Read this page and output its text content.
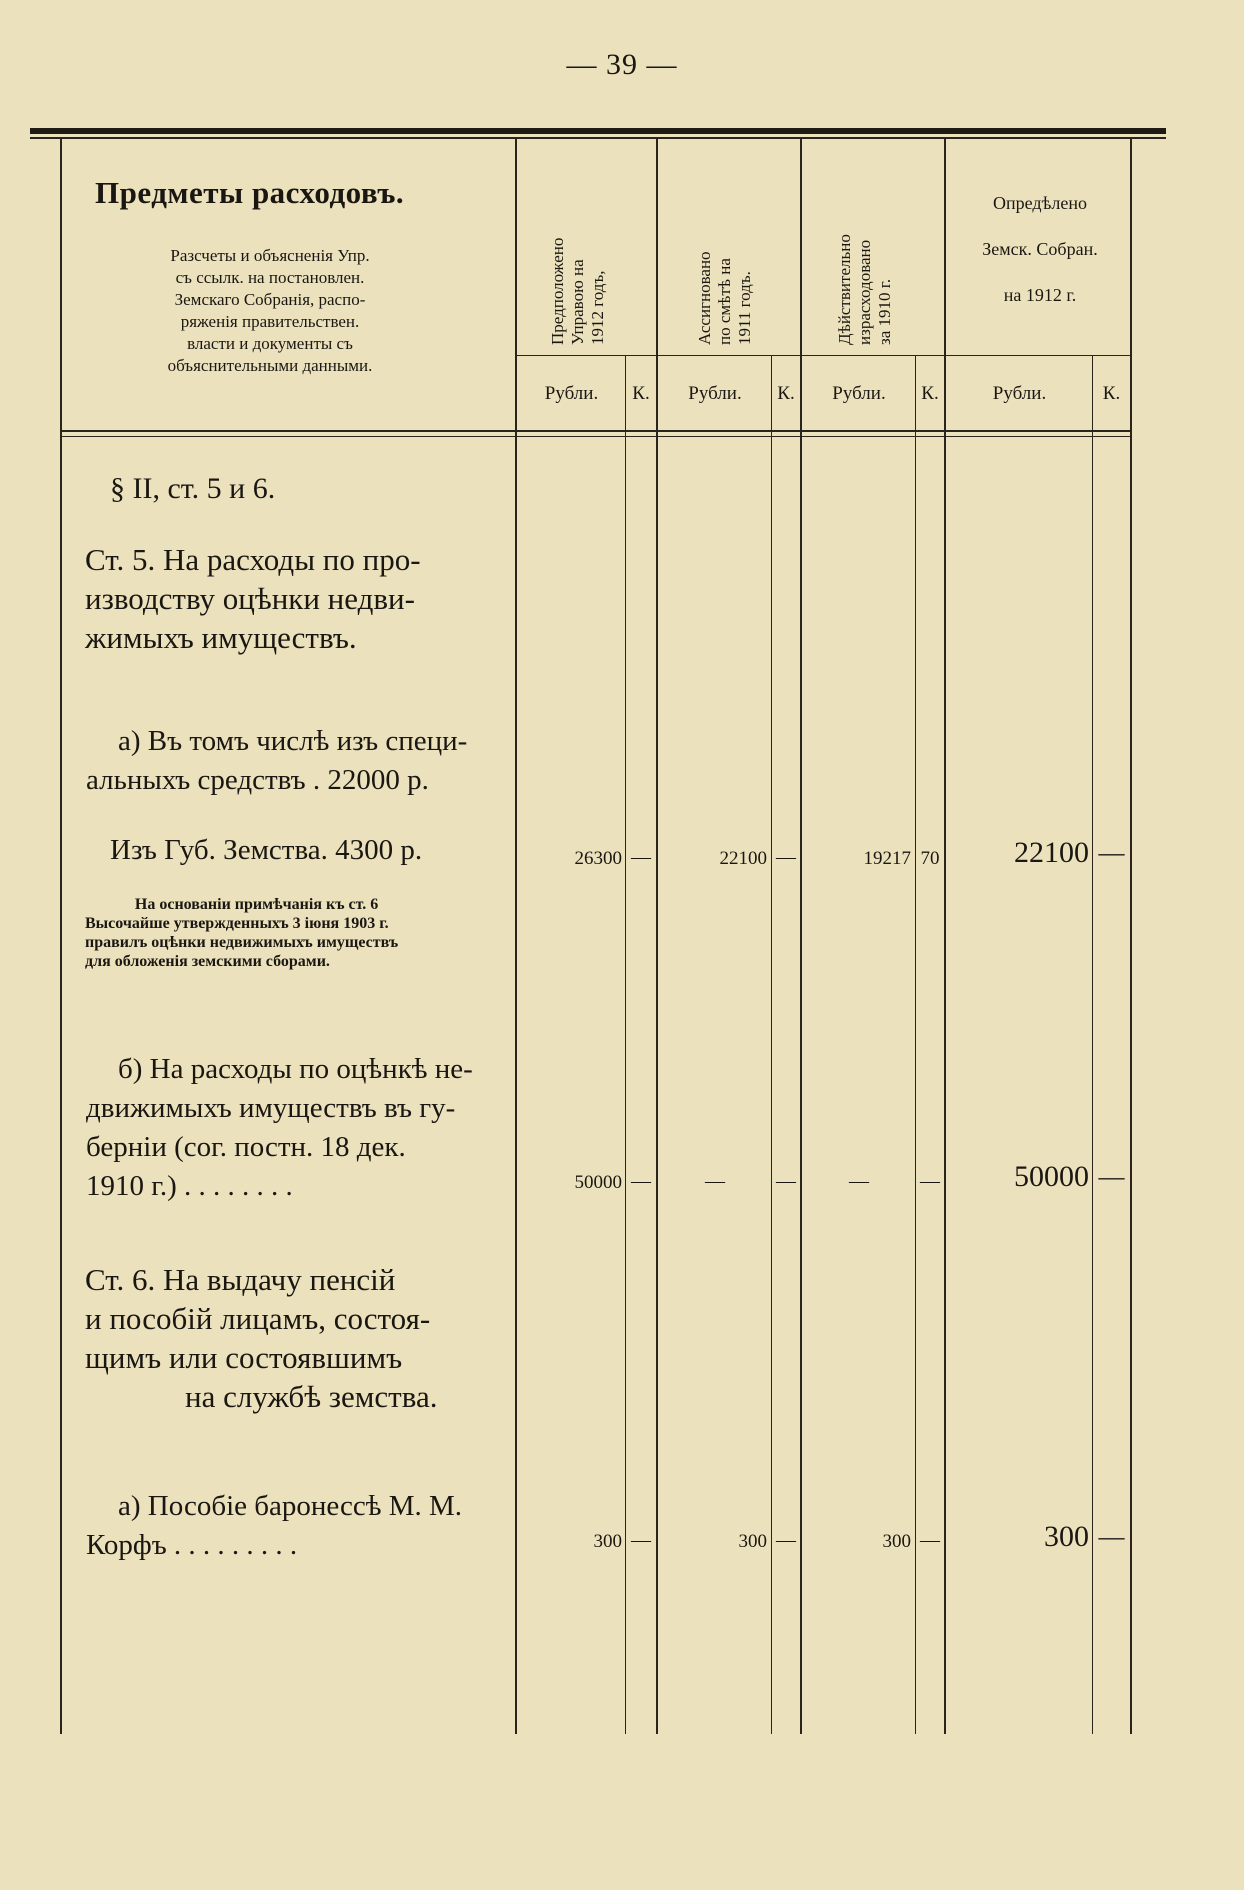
— 39 —
Предметы расходовъ.
Разсчеты и объясненія Упр.
съ ссылк. на постановлен.
Земскаго Собранія, распо-
ряженія правительствен.
власти и документы съ
объяснительными данными.
Предположено Управою на 1912 годъ,	Ассигновано по смѣтѣ на 1911 годъ.	Дѣйствительно израсходовано за 1910 г.
Опредѣлено
Земск. Собран.
на 1912 г.
Рубли.	К.	Рубли.	К.	Рубли.	К.	Рубли.	К.
§ II, ст. 5 и 6.
Ст. 5. На расходы по про-
изводству оцѣнки недви-
жимыхъ имуществъ.
а) Въ томъ числѣ изъ специ-
альныхъ средствъ . 22000 р.
Изъ Губ. Земства. 4300 р.
На основаніи примѣчанія къ ст. 6
Высочайше утвержденныхъ 3 іюня 1903 г.
правилъ оцѣнки недвижимыхъ имуществъ
для обложенія земскими сборами.
б) На расходы по оцѣнкѣ не-
движимыхъ имуществъ въ гу-
берніи (сог. постн. 18 дек.
1910 г.) . . . . . . . .
Ст. 6. На выдачу пенсій
и пособій лицамъ, состоя-
щимъ или состоявшимъ
на службѣ земства.
а) Пособіе баронессѣ М. М.
Корфъ . . . . . . . . .
26300 —	22100 —	19217 70	22100 —
50000 —	—	—	—	—	50000 —
300 —	300 —	300 —	300 —
